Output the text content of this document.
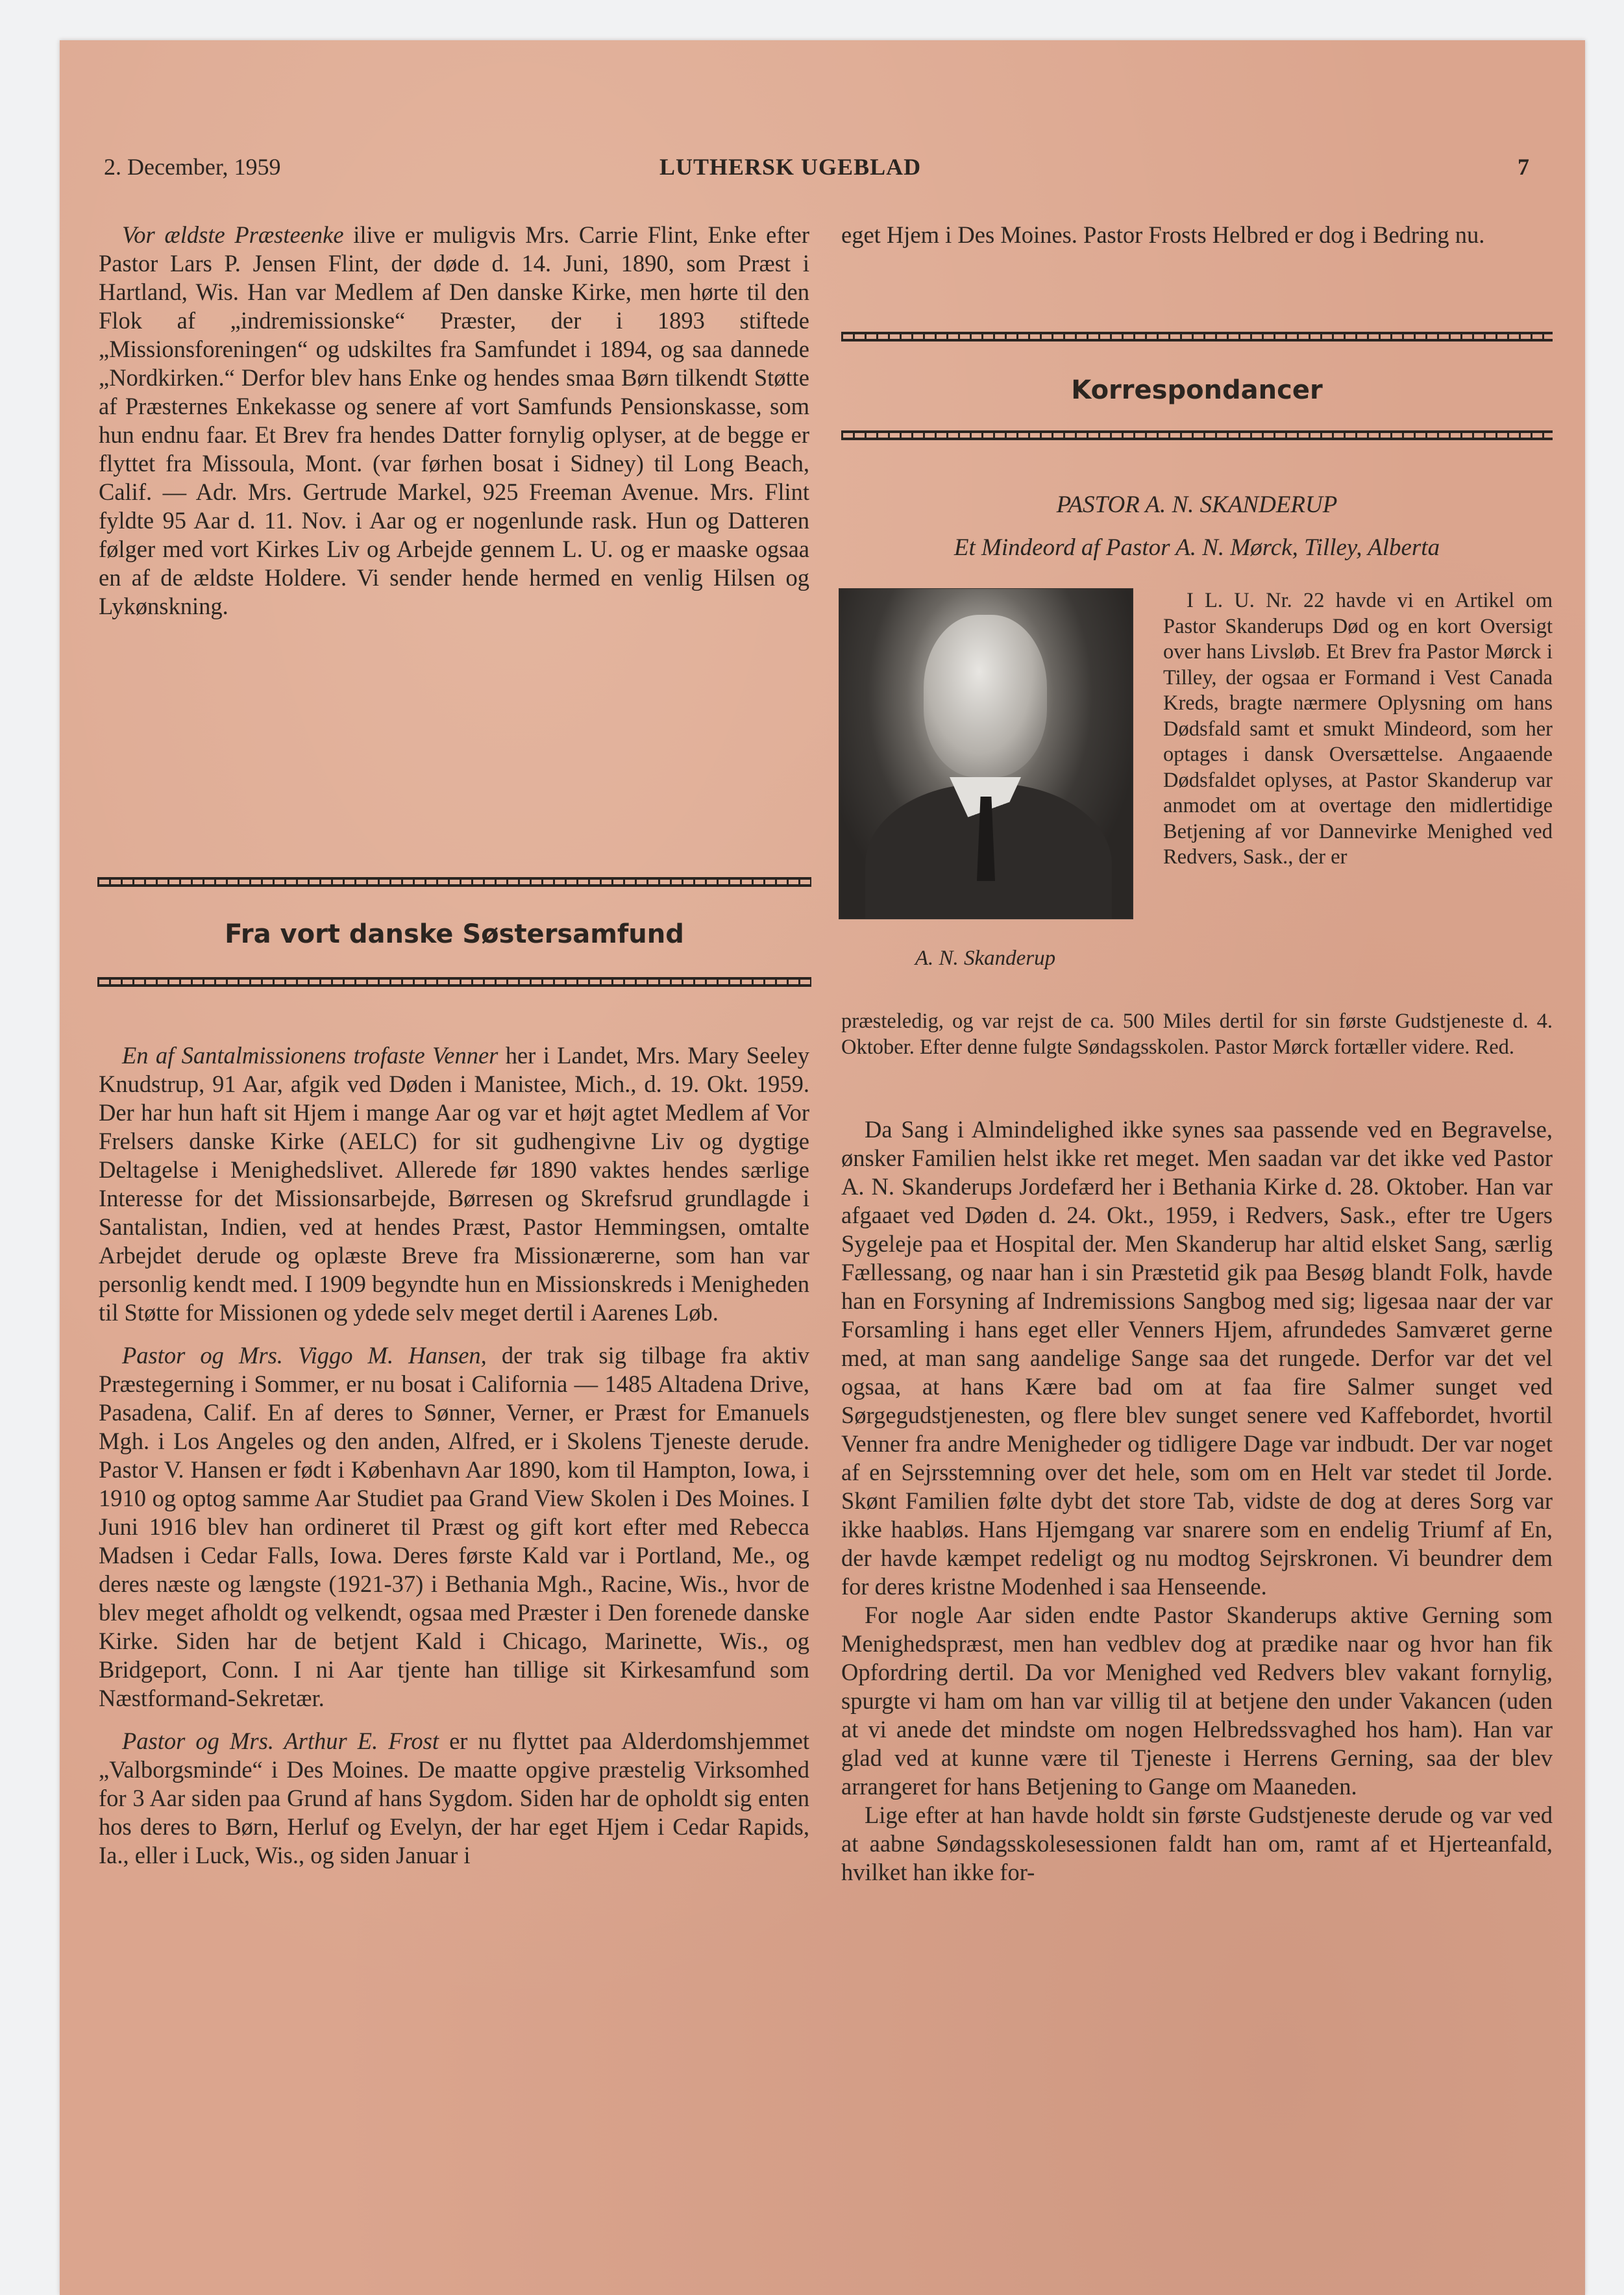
2. December, 1959	LUTHERSK UGEBLAD	7

Vor ældste Præsteenke ilive er muligvis Mrs. Carrie Flint, Enke efter Pastor Lars P. Jensen Flint, der døde d. 14. Juni, 1890, som Præst i Hartland, Wis. Han var Medlem af Den danske Kirke, men hørte til den Flok af „indremissionske“ Præster, der i 1893 stiftede „Missionsforeningen“ og udskiltes fra Samfundet i 1894, og saa dannede „Nordkirken.“ Derfor blev hans Enke og hendes smaa Børn tilkendt Støtte af Præsternes Enkekasse og senere af vort Samfunds Pensionskasse, som hun endnu faar. Et Brev fra hendes Datter fornylig oplyser, at de begge er flyttet fra Missoula, Mont. (var førhen bosat i Sidney) til Long Beach, Calif. — Adr. Mrs. Gertrude Markel, 925 Freeman Avenue. Mrs. Flint fyldte 95 Aar d. 11. Nov. i Aar og er nogenlunde rask. Hun og Datteren følger med vort Kirkes Liv og Arbejde gennem L. U. og er maaske ogsaa en af de ældste Holdere. Vi sender hende hermed en venlig Hilsen og Lykønskning.

Fra vort danske Søstersamfund

En af Santalmissionens trofaste Venner her i Landet, Mrs. Mary Seeley Knudstrup, 91 Aar, afgik ved Døden i Manistee, Mich., d. 19. Okt. 1959. Der har hun haft sit Hjem i mange Aar og var et højt agtet Medlem af Vor Frelsers danske Kirke (AELC) for sit gudhengivne Liv og dygtige Deltagelse i Menighedslivet. Allerede før 1890 vaktes hendes særlige Interesse for det Missionsarbejde, Børresen og Skrefsrud grundlagde i Santalistan, Indien, ved at hendes Præst, Pastor Hemmingsen, omtalte Arbejdet derude og oplæste Breve fra Missionærerne, som han var personlig kendt med. I 1909 begyndte hun en Missionskreds i Menigheden til Støtte for Missionen og ydede selv meget dertil i Aarenes Løb.

Pastor og Mrs. Viggo M. Hansen, der trak sig tilbage fra aktiv Præstegerning i Sommer, er nu bosat i California — 1485 Altadena Drive, Pasadena, Calif. En af deres to Sønner, Verner, er Præst for Emanuels Mgh. i Los Angeles og den anden, Alfred, er i Skolens Tjeneste derude. Pastor V. Hansen er født i København Aar 1890, kom til Hampton, Iowa, i 1910 og optog samme Aar Studiet paa Grand View Skolen i Des Moines. I Juni 1916 blev han ordineret til Præst og gift kort efter med Rebecca Madsen i Cedar Falls, Iowa. Deres første Kald var i Portland, Me., og deres næste og længste (1921-37) i Bethania Mgh., Racine, Wis., hvor de blev meget afholdt og velkendt, ogsaa med Præster i Den forenede danske Kirke. Siden har de betjent Kald i Chicago, Marinette, Wis., og Bridgeport, Conn. I ni Aar tjente han tillige sit Kirkesamfund som Næstformand-Sekretær.

Pastor og Mrs. Arthur E. Frost er nu flyttet paa Alderdomshjemmet „Valborgsminde“ i Des Moines. De maatte opgive præstelig Virksomhed for 3 Aar siden paa Grund af hans Sygdom. Siden har de opholdt sig enten hos deres to Børn, Herluf og Evelyn, der har eget Hjem i Cedar Rapids, Ia., eller i Luck, Wis., og siden Januar i

eget Hjem i Des Moines. Pastor Frosts Helbred er dog i Bedring nu.

Korrespondancer
PASTOR A. N. SKANDERUP
Et Mindeord af Pastor A. N. Mørck, Tilley, Alberta
A. N. Skanderup

I L. U. Nr. 22 havde vi en Artikel om Pastor Skanderups Død og en kort Oversigt over hans Livsløb. Et Brev fra Pastor Mørck i Tilley, der ogsaa er Formand i Vest Canada Kreds, bragte nærmere Oplysning om hans Dødsfald samt et smukt Mindeord, som her optages i dansk Oversættelse. Angaaende Dødsfaldet oplyses, at Pastor Skanderup var anmodet om at overtage den midlertidige Betjening af vor Dannevirke Menighed ved Redvers, Sask., der er

præsteledig, og var rejst de ca. 500 Miles dertil for sin første Gudstjeneste d. 4. Oktober. Efter denne fulgte Søndagsskolen. Pastor Mørck fortæller videre. Red.

Da Sang i Almindelighed ikke synes saa passende ved en Begravelse, ønsker Familien helst ikke ret meget. Men saadan var det ikke ved Pastor A. N. Skanderups Jordefærd her i Bethania Kirke d. 28. Oktober. Han var afgaaet ved Døden d. 24. Okt., 1959, i Redvers, Sask., efter tre Ugers Sygeleje paa et Hospital der. Men Skanderup har altid elsket Sang, særlig Fællessang, og naar han i sin Præstetid gik paa Besøg blandt Folk, havde han en Forsyning af Indremissions Sangbog med sig; ligesaa naar der var Forsamling i hans eget eller Venners Hjem, afrundedes Samværet gerne med, at man sang aandelige Sange saa det rungede. Derfor var det vel ogsaa, at hans Kære bad om at faa fire Salmer sunget ved Sørgegudstjenesten, og flere blev sunget senere ved Kaffebordet, hvortil Venner fra andre Menigheder og tidligere Dage var indbudt. Der var noget af en Sejrsstemning over det hele, som om en Helt var stedet til Jorde. Skønt Familien følte dybt det store Tab, vidste de dog at deres Sorg var ikke haabløs. Hans Hjemgang var snarere som en endelig Triumf af En, der havde kæmpet redeligt og nu modtog Sejrskronen. Vi beundrer dem for deres kristne Modenhed i saa Henseende.

For nogle Aar siden endte Pastor Skanderups aktive Gerning som Menighedspræst, men han vedblev dog at prædike naar og hvor han fik Opfordring dertil. Da vor Menighed ved Redvers blev vakant fornylig, spurgte vi ham om han var villig til at betjene den under Vakancen (uden at vi anede det mindste om nogen Helbredssvaghed hos ham). Han var glad ved at kunne være til Tjeneste i Herrens Gerning, saa der blev arrangeret for hans Betjening to Gange om Maaneden.

Lige efter at han havde holdt sin første Gudstjeneste derude og var ved at aabne Søndagsskolesessionen faldt han om, ramt af et Hjerteanfald, hvilket han ikke for-
